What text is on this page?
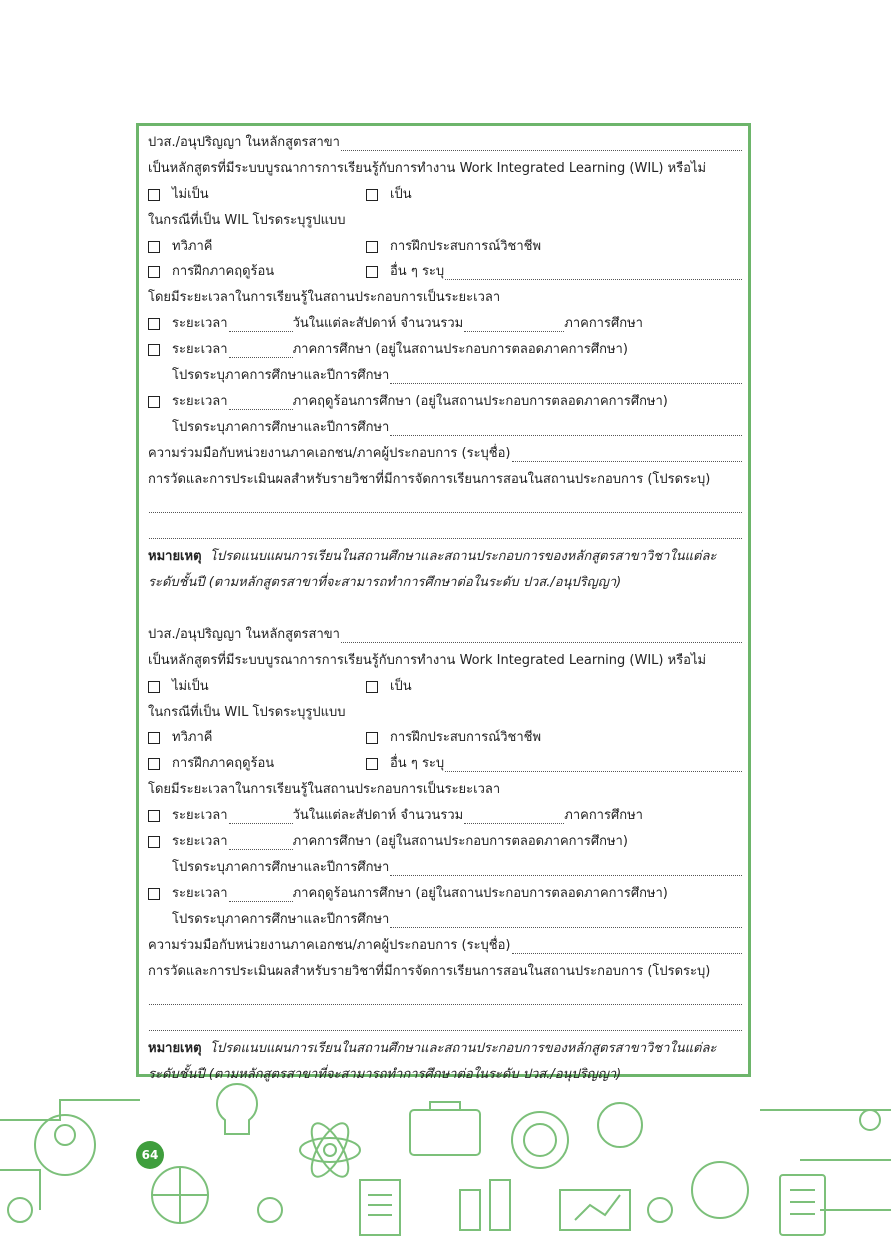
ปวส./อนุปริญญา ในหลักสูตรสาขา
เป็นหลักสูตรที่มีระบบบูรณาการการเรียนรู้กับการทำงาน Work Integrated Learning (WIL) หรือไม่
ไม่เป็น	เป็น
ในกรณีที่เป็น WIL โปรดระบุรูปแบบ
ทวิภาคี	การฝึกประสบการณ์วิชาชีพ
การฝึกภาคฤดูร้อน	อื่น ๆ ระบุ
โดยมีระยะเวลาในการเรียนรู้ในสถานประกอบการเป็นระยะเวลา
ระยะเวลา	วันในแต่ละสัปดาห์ จำนวนรวม	ภาคการศึกษา
ระยะเวลา	ภาคการศึกษา (อยู่ในสถานประกอบการตลอดภาคการศึกษา)
โปรดระบุภาคการศึกษาและปีการศึกษา
ระยะเวลา	ภาคฤดูร้อนการศึกษา (อยู่ในสถานประกอบการตลอดภาคการศึกษา)
โปรดระบุภาคการศึกษาและปีการศึกษา
ความร่วมมือกับหน่วยงานภาคเอกชน/ภาคผู้ประกอบการ (ระบุชื่อ)
การวัดและการประเมินผลสำหรับรายวิชาที่มีการจัดการเรียนการสอนในสถานประกอบการ (โปรดระบุ)
หมายเหตุ
โปรดแนบแผนการเรียนในสถานศึกษาและสถานประกอบการของหลักสูตรสาขาวิชาในแต่ละ
ระดับชั้นปี (ตามหลักสูตรสาขาที่จะสามารถทำการศึกษาต่อในระดับ ปวส./อนุปริญญา)
ปวส./อนุปริญญา ในหลักสูตรสาขา
เป็นหลักสูตรที่มีระบบบูรณาการการเรียนรู้กับการทำงาน Work Integrated Learning (WIL) หรือไม่
ไม่เป็น	เป็น
ในกรณีที่เป็น WIL โปรดระบุรูปแบบ
ทวิภาคี	การฝึกประสบการณ์วิชาชีพ
การฝึกภาคฤดูร้อน	อื่น ๆ ระบุ
โดยมีระยะเวลาในการเรียนรู้ในสถานประกอบการเป็นระยะเวลา
ระยะเวลา	วันในแต่ละสัปดาห์ จำนวนรวม	ภาคการศึกษา
ระยะเวลา	ภาคการศึกษา (อยู่ในสถานประกอบการตลอดภาคการศึกษา)
โปรดระบุภาคการศึกษาและปีการศึกษา
ระยะเวลา	ภาคฤดูร้อนการศึกษา (อยู่ในสถานประกอบการตลอดภาคการศึกษา)
โปรดระบุภาคการศึกษาและปีการศึกษา
ความร่วมมือกับหน่วยงานภาคเอกชน/ภาคผู้ประกอบการ (ระบุชื่อ)
การวัดและการประเมินผลสำหรับรายวิชาที่มีการจัดการเรียนการสอนในสถานประกอบการ (โปรดระบุ)
หมายเหตุ
โปรดแนบแผนการเรียนในสถานศึกษาและสถานประกอบการของหลักสูตรสาขาวิชาในแต่ละ
ระดับชั้นปี (ตามหลักสูตรสาขาที่จะสามารถทำการศึกษาต่อในระดับ ปวส./อนุปริญญา)
64
